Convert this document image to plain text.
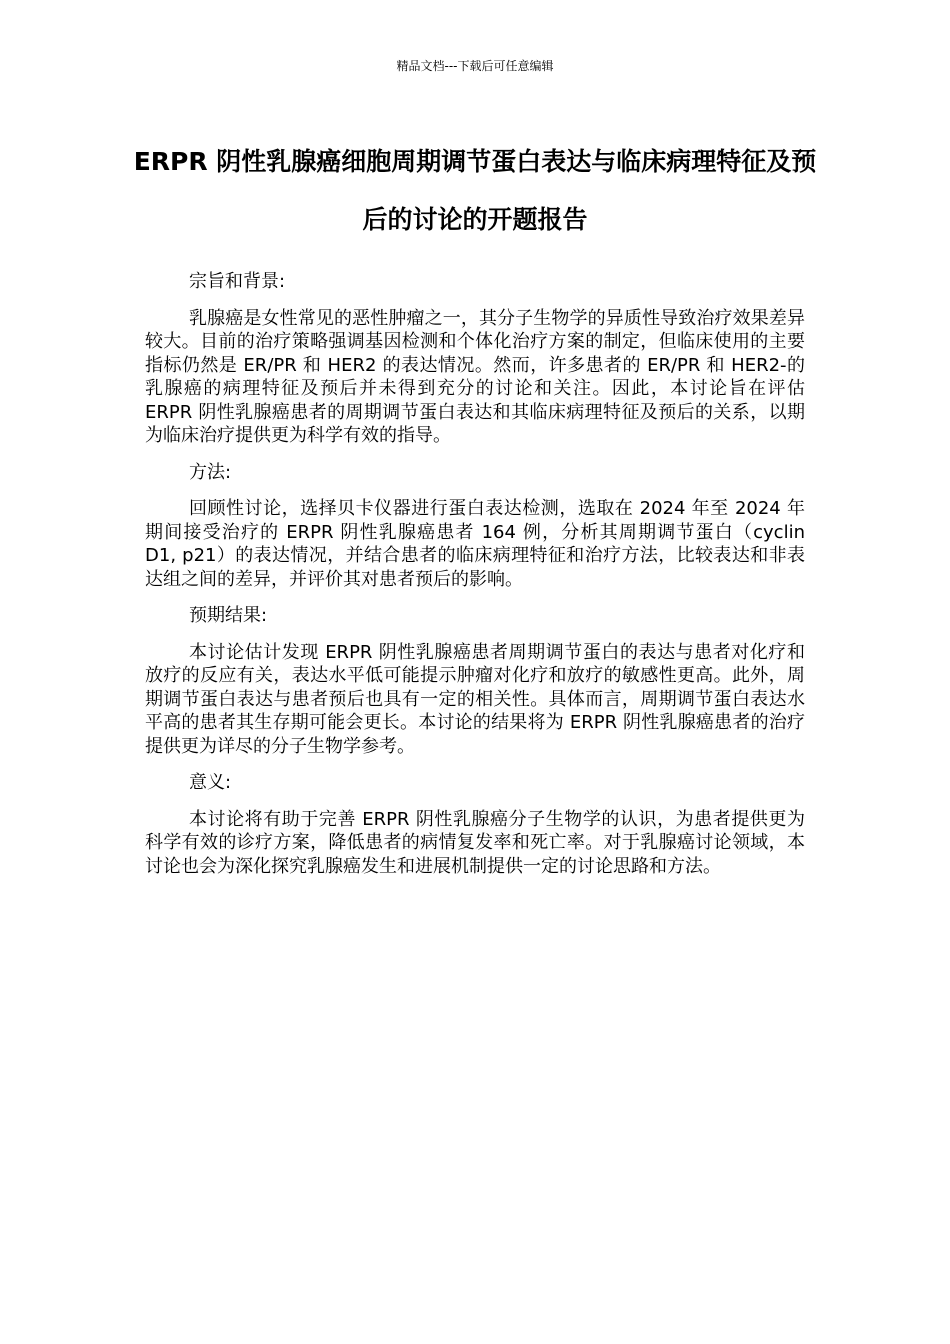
精品文档---下载后可任意编辑
ERPR 阴性乳腺癌细胞周期调节蛋白表达与临床病理特征及预后的讨论的开题报告

宗旨和背景:

乳腺癌是女性常见的恶性肿瘤之一，其分子生物学的异质性导致治疗效果差异较大。目前的治疗策略强调基因检测和个体化治疗方案的制定，但临床使用的主要指标仍然是 ER/PR 和 HER2 的表达情况。然而，许多患者的 ER/PR 和 HER2-的乳腺癌的病理特征及预后并未得到充分的讨论和关注。因此，本讨论旨在评估 ERPR 阴性乳腺癌患者的周期调节蛋白表达和其临床病理特征及预后的关系，以期为临床治疗提供更为科学有效的指导。

方法:

回顾性讨论，选择贝卡仪器进行蛋白表达检测，选取在 2024 年至 2024 年期间接受治疗的 ERPR 阴性乳腺癌患者 164 例，分析其周期调节蛋白（cyclin D1, p21）的表达情况，并结合患者的临床病理特征和治疗方法，比较表达和非表达组之间的差异，并评价其对患者预后的影响。

预期结果:

本讨论估计发现 ERPR 阴性乳腺癌患者周期调节蛋白的表达与患者对化疗和放疗的反应有关，表达水平低可能提示肿瘤对化疗和放疗的敏感性更高。此外，周期调节蛋白表达与患者预后也具有一定的相关性。具体而言，周期调节蛋白表达水平高的患者其生存期可能会更长。本讨论的结果将为 ERPR 阴性乳腺癌患者的治疗提供更为详尽的分子生物学参考。

意义:

本讨论将有助于完善 ERPR 阴性乳腺癌分子生物学的认识，为患者提供更为科学有效的诊疗方案，降低患者的病情复发率和死亡率。对于乳腺癌讨论领域，本讨论也会为深化探究乳腺癌发生和进展机制提供一定的讨论思路和方法。
